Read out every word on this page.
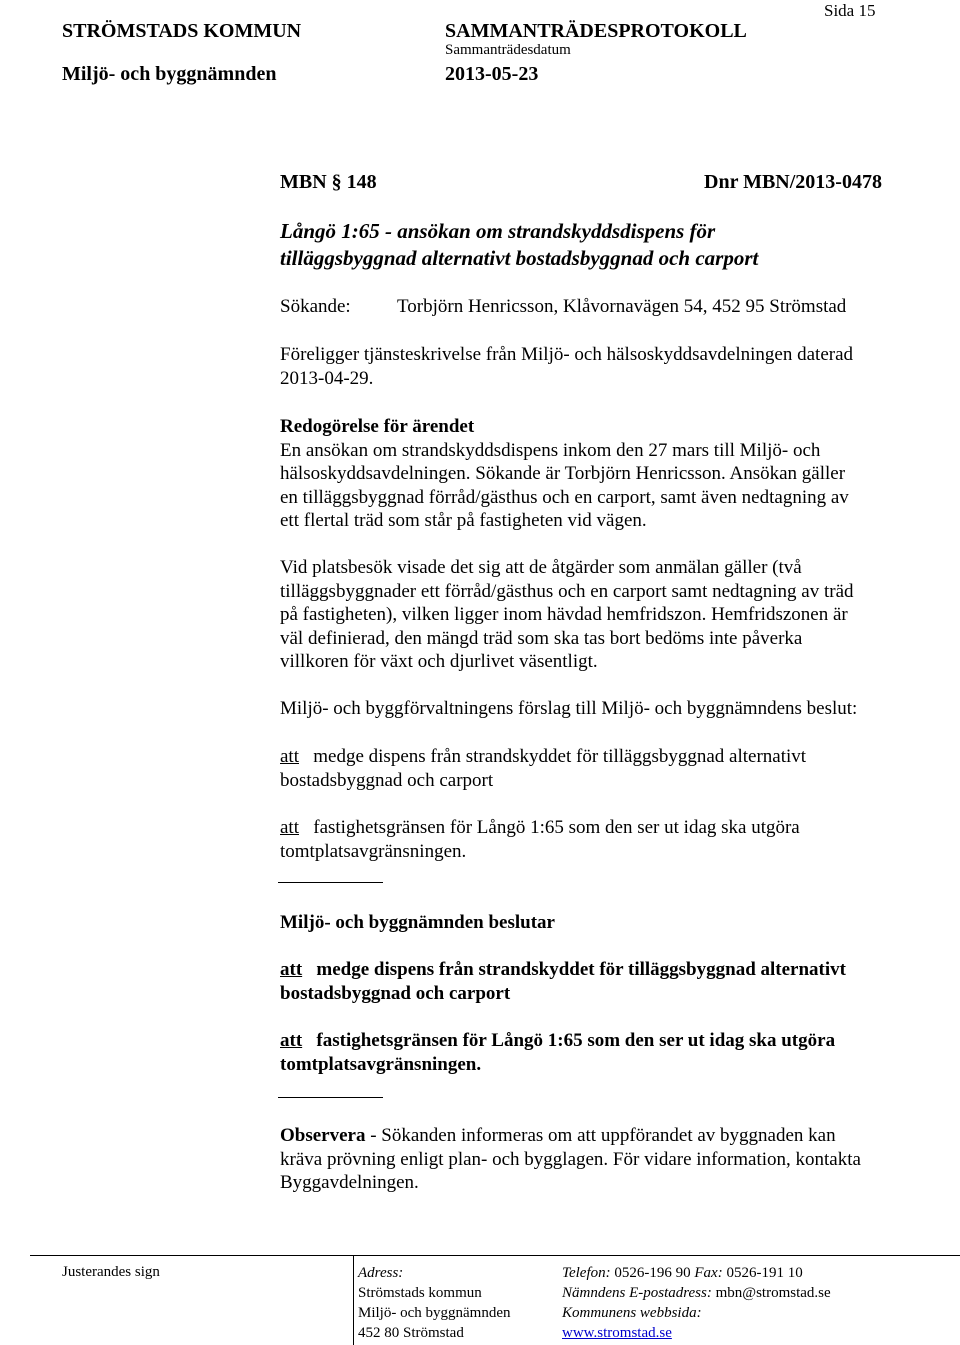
STRÖMSTADS KOMMUN
Miljö- och byggnämnden
SAMMANTRÄDESPROTOKOLL
Sammanträdesdatum
2013-05-23
Sida 15
MBN § 148	Dnr MBN/2013-0478
Långö 1:65 - ansökan om strandskyddsdispens för
tilläggsbyggnad alternativt bostadsbyggnad och carport
Sökande: Torbjörn Henricsson, Klåvornavägen 54, 452 95 Strömstad
Föreligger tjänsteskrivelse från Miljö- och hälsoskyddsavdelningen daterad
2013-04-29.
Redogörelse för ärendet
En ansökan om strandskyddsdispens inkom den 27 mars till Miljö- och
hälsoskyddsavdelningen. Sökande är Torbjörn Henricsson. Ansökan gäller
en tilläggsbyggnad förråd/gästhus och en carport, samt även nedtagning av
ett flertal träd som står på fastigheten vid vägen.
Vid platsbesök visade det sig att de åtgärder som anmälan gäller (två
tilläggsbyggnader ett förråd/gästhus och en carport samt nedtagning av träd
på fastigheten), vilken ligger inom hävdad hemfridszon. Hemfridszonen är
väl definierad, den mängd träd som ska tas bort bedöms inte påverka
villkoren för växt och djurlivet väsentligt.
Miljö- och byggförvaltningens förslag till Miljö- och byggnämndens beslut:
att medge dispens från strandskyddet för tilläggsbyggnad alternativt
bostadsbyggnad och carport
att fastighetsgränsen för Långö 1:65 som den ser ut idag ska utgöra
tomtplatsavgränsningen.
Miljö- och byggnämnden beslutar
att medge dispens från strandskyddet för tilläggsbyggnad alternativt
bostadsbyggnad och carport
att fastighetsgränsen för Långö 1:65 som den ser ut idag ska utgöra
tomtplatsavgränsningen.
Observera - Sökanden informeras om att uppförandet av byggnaden kan
kräva prövning enligt plan- och bygglagen. För vidare information, kontakta
Byggavdelningen.
Justerandes sign	Adress:
Strömstads kommun
Miljö- och byggnämnden
452 80 Strömstad
Telefon: 0526-196 90 Fax: 0526-191 10
Nämndens E-postadress: mbn@stromstad.se
Kommunens webbsida:
www.stromstad.se
